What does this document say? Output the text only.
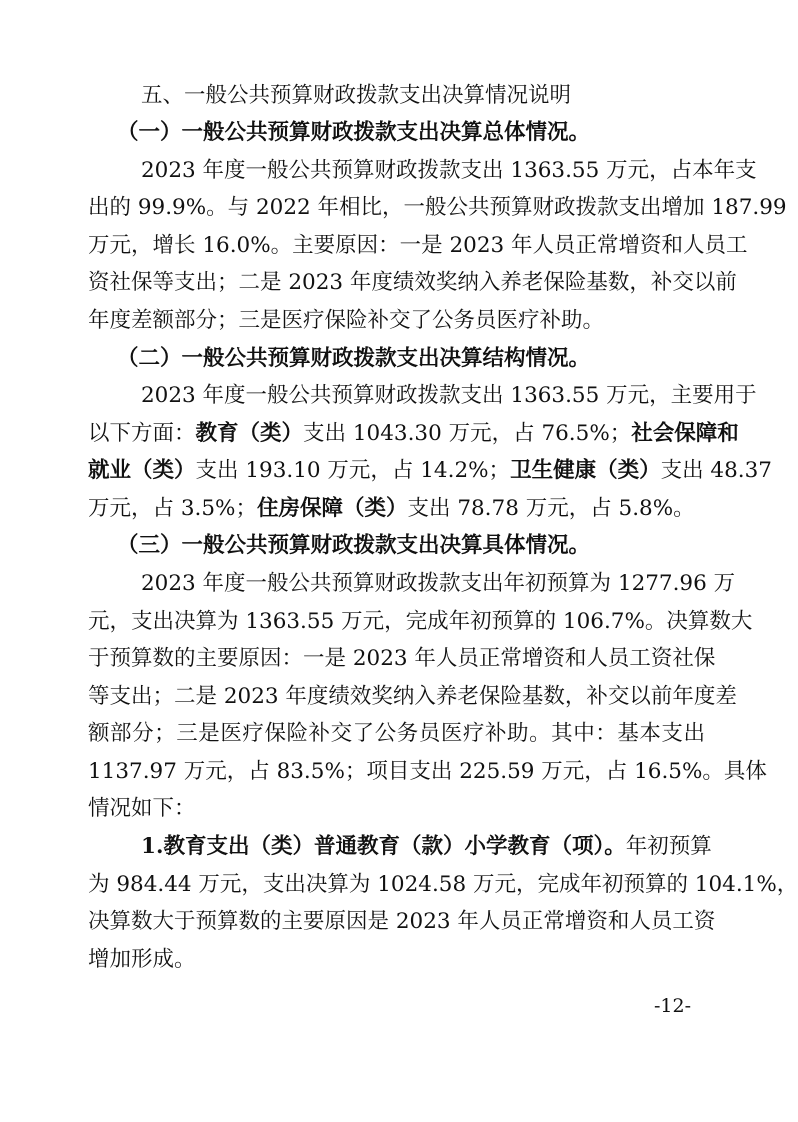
五、一般公共预算财政拨款支出决算情况说明
（一）一般公共预算财政拨款支出决算总体情况。
2023 年度一般公共预算财政拨款支出 1363.55 万元，占本年支
出的 99.9%。与 2022 年相比，一般公共预算财政拨款支出增加 187.99
万元，增长 16.0%。主要原因：一是 2023 年人员正常增资和人员工
资社保等支出；二是 2023 年度绩效奖纳入养老保险基数，补交以前
年度差额部分；三是医疗保险补交了公务员医疗补助。
（二）一般公共预算财政拨款支出决算结构情况。
2023 年度一般公共预算财政拨款支出 1363.55 万元，主要用于
以下方面：教育（类）支出 1043.30 万元，占 76.5%；社会保障和
就业（类）支出 193.10 万元，占 14.2%；卫生健康（类）支出 48.37
万元，占 3.5%；住房保障（类）支出 78.78 万元，占 5.8%。
（三）一般公共预算财政拨款支出决算具体情况。
2023 年度一般公共预算财政拨款支出年初预算为 1277.96 万
元，支出决算为 1363.55 万元，完成年初预算的 106.7%。决算数大
于预算数的主要原因：一是 2023 年人员正常增资和人员工资社保
等支出；二是 2023 年度绩效奖纳入养老保险基数，补交以前年度差
额部分；三是医疗保险补交了公务员医疗补助。其中：基本支出
1137.97 万元，占 83.5%；项目支出 225.59 万元，占 16.5%。具体
情况如下：
1.教育支出（类）普通教育（款）小学教育（项）。年初预算
为 984.44 万元，支出决算为 1024.58 万元，完成年初预算的 104.1%，
决算数大于预算数的主要原因是 2023 年人员正常增资和人员工资
增加形成。
-12-
